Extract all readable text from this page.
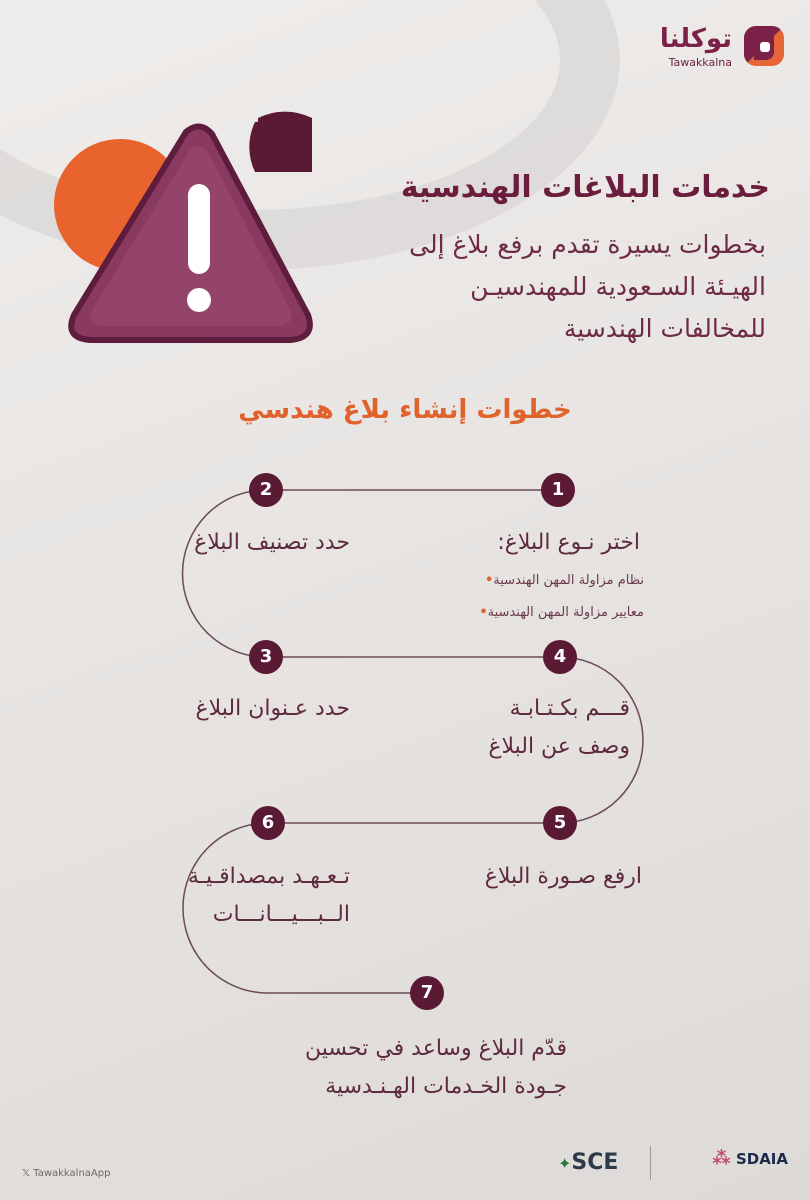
توكلنا
Tawakkalna
خدمات البلاغات الهندسية
بخطوات يسيرة تقدم برفع بلاغ إلى
الهيـئة السـعودية للمهندسيـن
للمخالفات الهندسية
خطوات إنشاء بلاغ هندسي
1
2
3	4
5
6
7
اختر نـوع البلاغ:
نظام مزاولة المهن الهندسية•
معايير مزاولة المهن الهندسية•
حدد تصنيف البلاغ
حدد عـنوان البلاغ	قـــم بكـتـابـة
وصف عن البلاغ
ارفع صـورة البلاغ
تـعـهـد بمصداقـيـة
الــبـــيـــانـــات
قدّم البلاغ وساعد في تحسين
جـودة الخـدمات الهـنـدسية
𝕏 TawakkalnaApp
✦SCE	⁂ SDAIA
